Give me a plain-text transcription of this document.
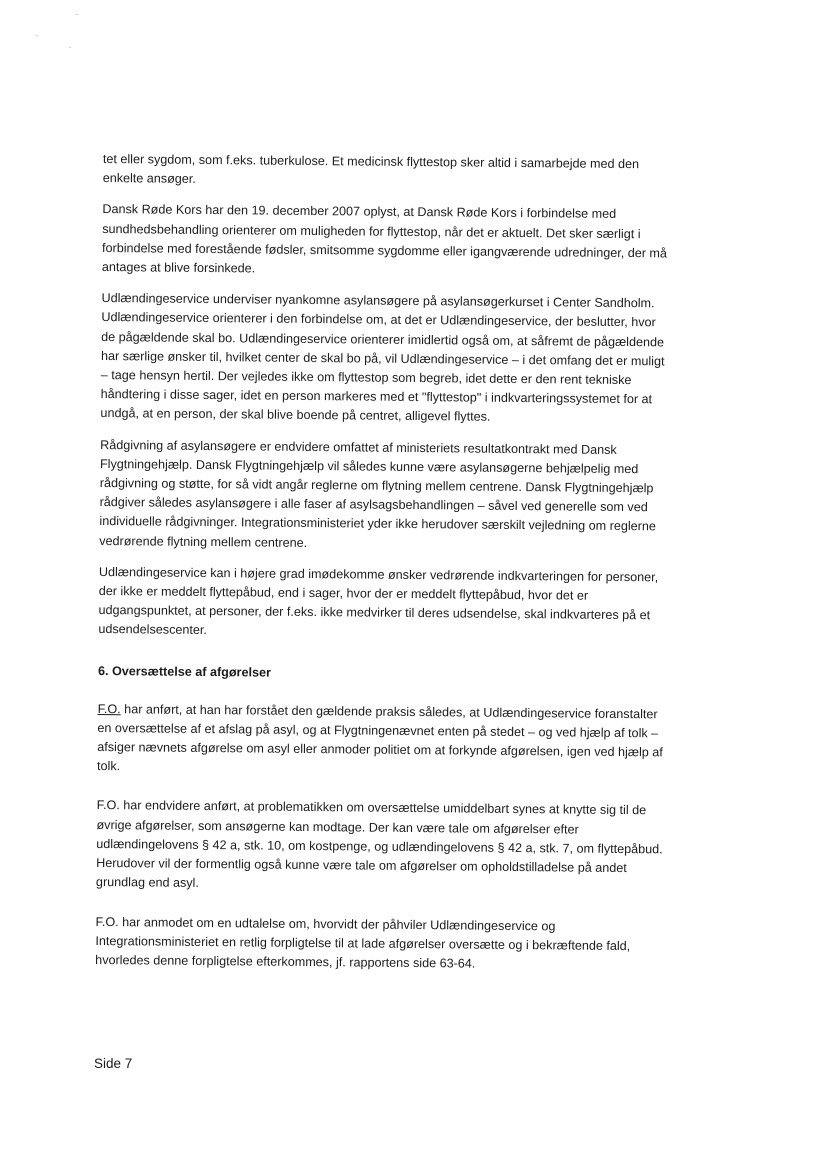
tet eller sygdom, som f.eks. tuberkulose. Et medicinsk flyttestop sker altid i samarbejde med den enkelte ansøger.

Dansk Røde Kors har den 19. december 2007 oplyst, at Dansk Røde Kors i forbindelse med sundhedsbehandling orienterer om muligheden for flyttestop, når det er aktuelt. Det sker særligt i forbindelse med forestående fødsler, smitsomme sygdomme eller igangværende udredninger, der må antages at blive forsinkede.

Udlændingeservice underviser nyankomne asylansøgere på asylansøgerkurset i Center Sandholm. Udlændingeservice orienterer i den forbindelse om, at det er Udlændingeservice, der beslutter, hvor de pågældende skal bo. Udlændingeservice orienterer imidlertid også om, at såfremt de pågældende har særlige ønsker til, hvilket center de skal bo på, vil Udlændingeservice – i det omfang det er muligt – tage hensyn hertil. Der vejledes ikke om flyttestop som begreb, idet dette er den rent tekniske håndtering i disse sager, idet en person markeres med et "flyttestop" i indkvarteringssystemet for at undgå, at en person, der skal blive boende på centret, alligevel flyttes.

Rådgivning af asylansøgere er endvidere omfattet af ministeriets resultatkontrakt med Dansk Flygtningehjælp. Dansk Flygtningehjælp vil således kunne være asylansøgerne behjælpelig med rådgivning og støtte, for så vidt angår reglerne om flytning mellem centrene. Dansk Flygtningehjælp rådgiver således asylansøgere i alle faser af asylsagsbehandlingen – såvel ved generelle som ved individuelle rådgivninger. Integrationsministeriet yder ikke herudover særskilt vejledning om reglerne vedrørende flytning mellem centrene.

Udlændingeservice kan i højere grad imødekomme ønsker vedrørende indkvarteringen for personer, der ikke er meddelt flyttepåbud, end i sager, hvor der er meddelt flyttepåbud, hvor det er udgangspunktet, at personer, der f.eks. ikke medvirker til deres udsendelse, skal indkvarteres på et udsendelsescenter.

6. Oversættelse af afgørelser

F.O. har anført, at han har forstået den gældende praksis således, at Udlændingeservice foranstalter en oversættelse af et afslag på asyl, og at Flygtningenævnet enten på stedet – og ved hjælp af tolk – afsiger nævnets afgørelse om asyl eller anmoder politiet om at forkynde afgørelsen, igen ved hjælp af tolk.

F.O. har endvidere anført, at problematikken om oversættelse umiddelbart synes at knytte sig til de øvrige afgørelser, som ansøgerne kan modtage. Der kan være tale om afgørelser efter udlændingelovens § 42 a, stk. 10, om kostpenge, og udlændingelovens § 42 a, stk. 7, om flyttepåbud. Herudover vil der formentlig også kunne være tale om afgørelser om opholdstilladelse på andet grundlag end asyl.

F.O. har anmodet om en udtalelse om, hvorvidt der påhviler Udlændingeservice og Integrationsministeriet en retlig forpligtelse til at lade afgørelser oversætte og i bekræftende fald, hvorledes denne forpligtelse efterkommes, jf. rapportens side 63-64.

Side 7
